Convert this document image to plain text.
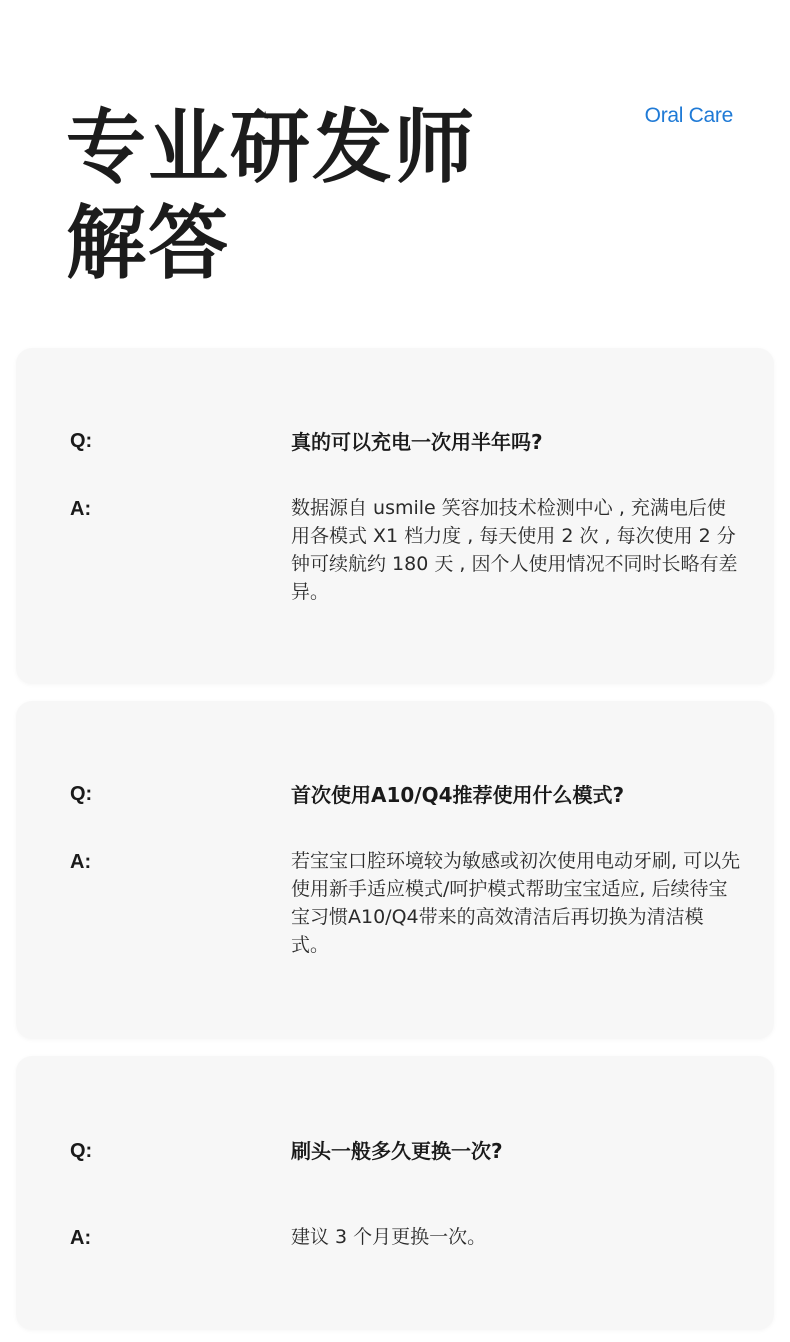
专业研发师
解答
Oral Care
Q:	真的可以充电一次用半年吗?
A:	数据源自 usmile 笑容加技术检测中心 , 充满电后使用各模式 X1 档力度 , 每天使用 2 次 , 每次使用 2 分钟可续航约 180 天 , 因个人使用情况不同时长略有差异。
Q:	首次使用A10/Q4推荐使用什么模式?
A:	若宝宝口腔环境较为敏感或初次使用电动牙刷, 可以先使用新手适应模式/呵护模式帮助宝宝适应, 后续待宝宝习惯A10/Q4带来的高效清洁后再切换为清洁模式。
Q:	刷头一般多久更换一次?
A:	建议 3 个月更换一次。
